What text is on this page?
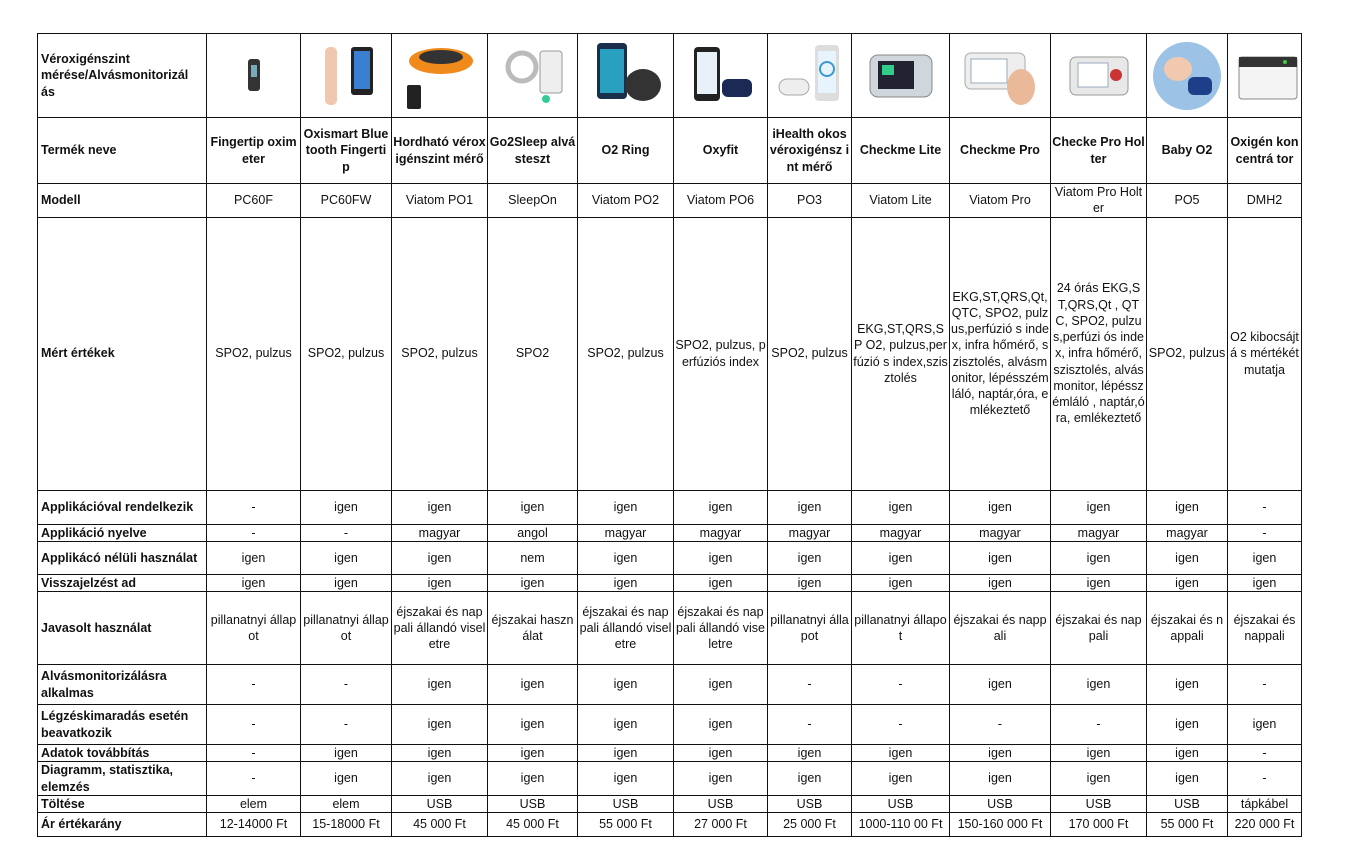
Véroxigénszint mérése/Alvásmonitorizál ás	

Termék neve	Fingertip oximeter	Oxismart Bluetooth Fingertip	Hordható véroxigénszint mérő	Go2Sleep alvásteszt	O2 Ring	Oxyfit	iHealth okos véroxigénsz int mérő	Checkme Lite	Checkme Pro	Checke Pro Holter	Baby O2	Oxigén koncentrá tor
Modell	PC60F	PC60FW	Viatom PO1	SleepOn	Viatom PO2	Viatom PO6	PO3	Viatom Lite	Viatom Pro	Viatom Pro Holter	PO5	DMH2
Mért értékek	SPO2, pulzus	SPO2, pulzus	SPO2, pulzus	SPO2	SPO2, pulzus	SPO2, pulzus, perfúziós index	SPO2, pulzus	EKG,ST,QRS,SP O2, pulzus,perfúzió s index,szisztolés	EKG,ST,QRS,Qt, QTC, SPO2, pulzus,perfúzió s index, infra hőmérő, szisztolés, alvásmonitor, lépésszémláló, naptár,óra, emlékeztető	24 órás EKG,ST,QRS,Qt , QTC, SPO2, pulzus,perfúzi ós index, infra hőmérő, szisztolés, alvásmonitor, lépésszémláló , naptár,óra, emlékeztető	SPO2, pulzus	O2 kibocsájtá s mértékét mutatja
Applikációval rendelkezik	-	igen	igen	igen	igen	igen	igen	igen	igen	igen	igen	-
Applikáció nyelve	-	-	magyar	angol	magyar	magyar	magyar	magyar	magyar	magyar	magyar	-
Applikácó nélüli használat	igen	igen	igen	nem	igen	igen	igen	igen	igen	igen	igen	igen
Visszajelzést ad	igen	igen	igen	igen	igen	igen	igen	igen	igen	igen	igen	igen
Javasolt használat	pillanatnyi állapot	pillanatnyi állapot	éjszakai és nappali állandó viseletre	éjszakai használat	éjszakai és nappali állandó viseletre	éjszakai és nappali állandó viseletre	pillanatnyi állapot	pillanatnyi állapot	éjszakai és nappali	éjszakai és nappali	éjszakai és nappali	éjszakai és nappali
Alvásmonitorizálásra alkalmas	-	-	igen	igen	igen	igen	-	-	igen	igen	igen	-
Légzéskimaradás esetén beavatkozik	-	-	igen	igen	igen	igen	-	-	-	-	igen	igen
Adatok továbbítás	-	igen	igen	igen	igen	igen	igen	igen	igen	igen	igen	-
Diagramm, statisztika, elemzés	-	igen	igen	igen	igen	igen	igen	igen	igen	igen	igen	-
Töltése	elem	elem	USB	USB	USB	USB	USB	USB	USB	USB	USB	tápkábel
Ár értékarány	12-14000 Ft	15-18000 Ft	45 000 Ft	45 000 Ft	55 000 Ft	27 000 Ft	25 000 Ft	1000-110 00 Ft	150-160 000 Ft	170 000 Ft	55 000 Ft	220 000 Ft
